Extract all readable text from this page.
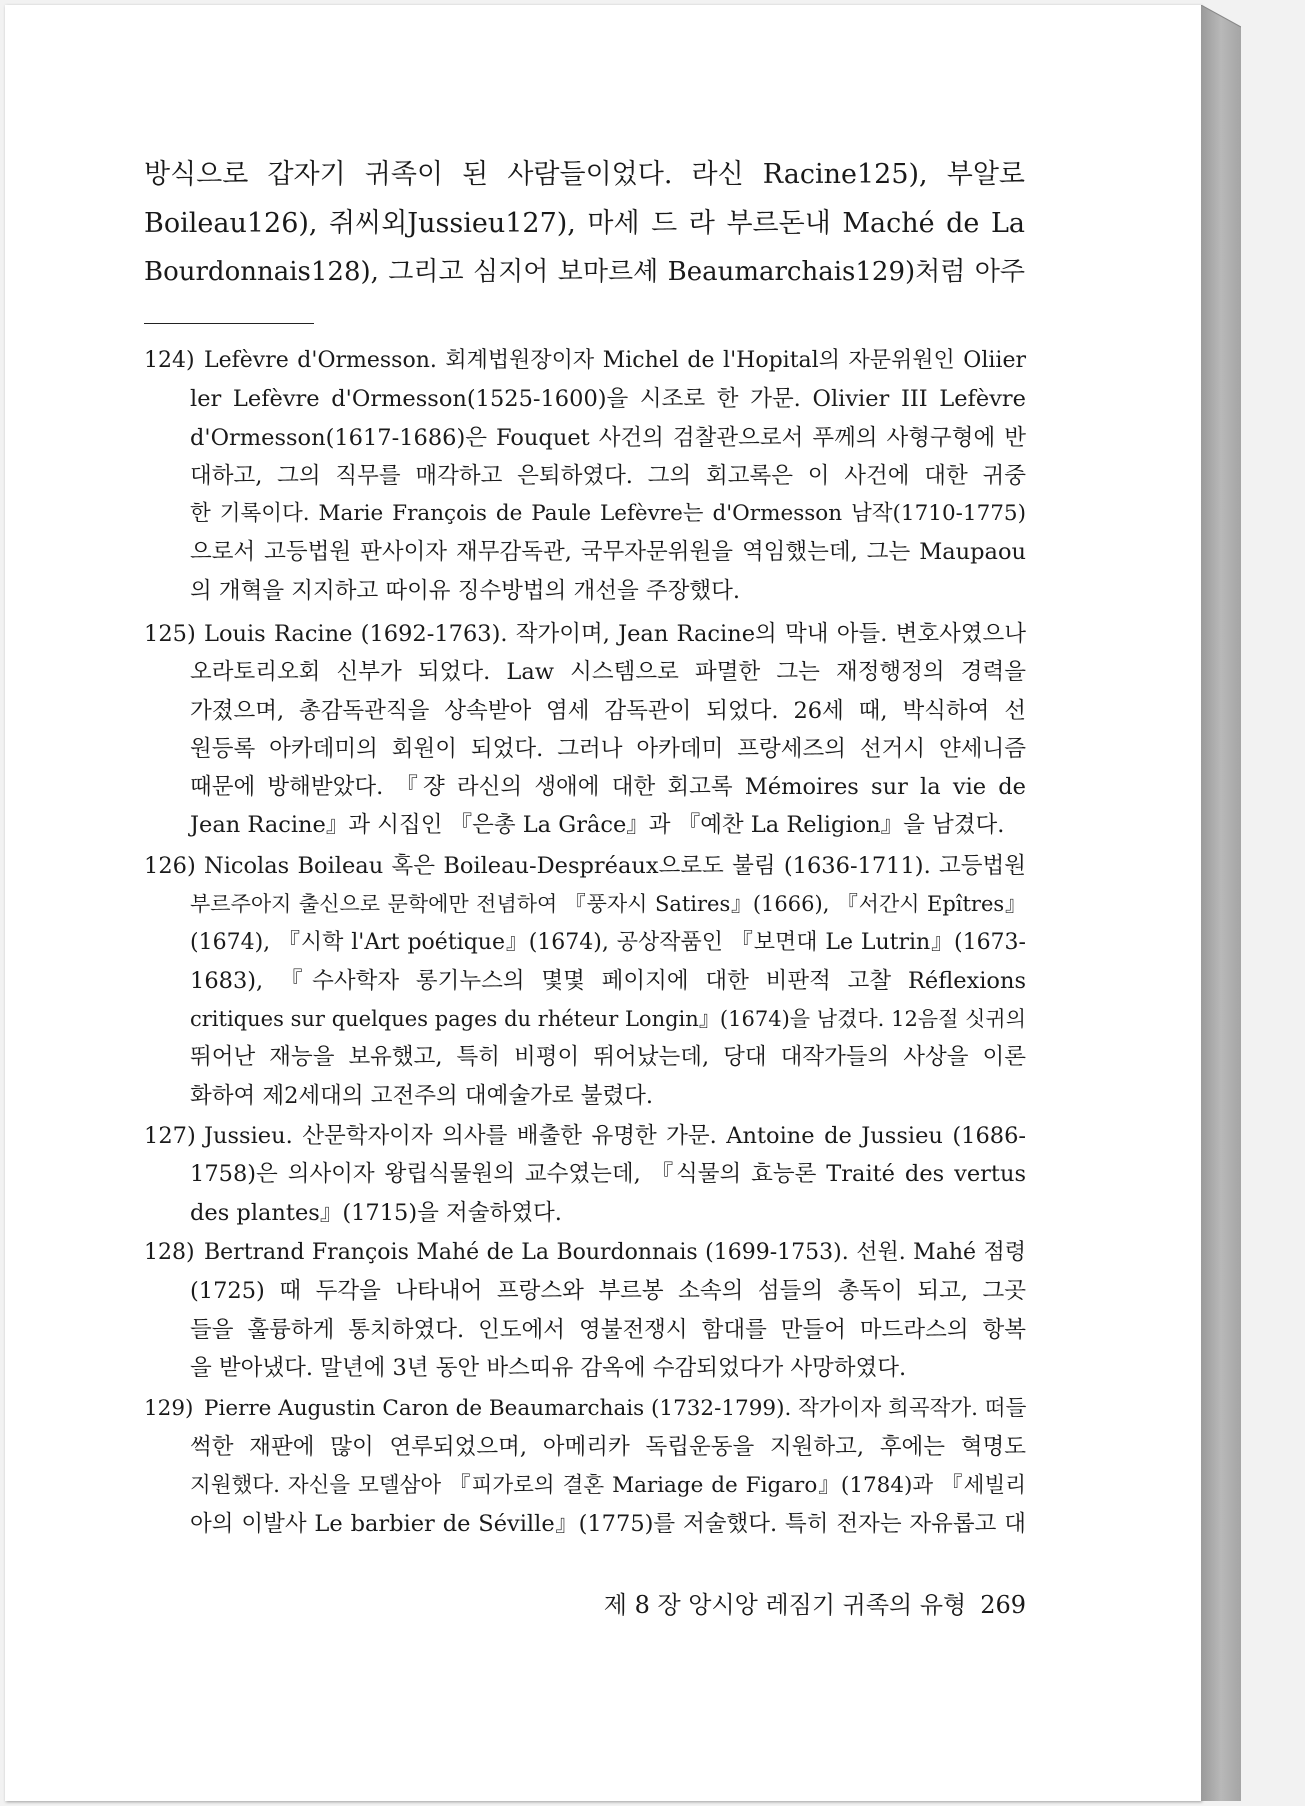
방식으로 갑자기 귀족이 된 사람들이었다. 라신 Racine125), 부알로
Boileau126), 쥐씨외Jussieu127), 마세 드 라 부르돈내 Maché de La
Bourdonnais128), 그리고 심지어 보마르셰 Beaumarchais129)처럼 아주
124) Lefèvre d'Ormesson. 회계법원장이자 Michel de l'Hopital의 자문위원인 Oliier
ler Lefèvre d'Ormesson(1525-1600)을 시조로 한 가문. Olivier III Lefèvre
d'Ormesson(1617-1686)은 Fouquet 사건의 검찰관으로서 푸께의 사형구형에 반
대하고, 그의 직무를 매각하고 은퇴하였다. 그의 회고록은 이 사건에 대한 귀중
한 기록이다. Marie François de Paule Lefèvre는 d'Ormesson 남작(1710-1775)
으로서 고등법원 판사이자 재무감독관, 국무자문위원을 역임했는데, 그는 Maupaou
의 개혁을 지지하고 따이유 징수방법의 개선을 주장했다.
125) Louis Racine (1692-1763). 작가이며, Jean Racine의 막내 아들. 변호사였으나
오라토리오회 신부가 되었다. Law 시스템으로 파멸한 그는 재정행정의 경력을
가졌으며, 총감독관직을 상속받아 염세 감독관이 되었다. 26세 때, 박식하여 선
원등록 아카데미의 회원이 되었다. 그러나 아카데미 프랑세즈의 선거시 얀세니즘
때문에 방해받았다. 『쟝 라신의 생애에 대한 회고록 Mémoires sur la vie de
Jean Racine』과 시집인 『은총 La Grâce』과 『예찬 La Religion』을 남겼다.
126) Nicolas Boileau 혹은 Boileau-Despréaux으로도 불림 (1636-1711). 고등법원
부르주아지 출신으로 문학에만 전념하여 『풍자시 Satires』(1666), 『서간시 Epîtres』
(1674), 『시학 l'Art poétique』(1674), 공상작품인 『보면대 Le Lutrin』(1673-
1683), 『수사학자 롱기누스의 몇몇 페이지에 대한 비판적 고찰 Réflexions
critiques sur quelques pages du rhéteur Longin』(1674)을 남겼다. 12음절 싯귀의
뛰어난 재능을 보유했고, 특히 비평이 뛰어났는데, 당대 대작가들의 사상을 이론
화하여 제2세대의 고전주의 대예술가로 불렸다.
127) Jussieu. 산문학자이자 의사를 배출한 유명한 가문. Antoine de Jussieu (1686-
1758)은 의사이자 왕립식물원의 교수였는데, 『식물의 효능론 Traité des vertus
des plantes』(1715)을 저술하였다.
128) Bertrand François Mahé de La Bourdonnais (1699-1753). 선원. Mahé 점령
(1725) 때 두각을 나타내어 프랑스와 부르봉 소속의 섬들의 총독이 되고, 그곳
들을 훌륭하게 통치하였다. 인도에서 영불전쟁시 함대를 만들어 마드라스의 항복
을 받아냈다. 말년에 3년 동안 바스띠유 감옥에 수감되었다가 사망하였다.
129) Pierre Augustin Caron de Beaumarchais (1732-1799). 작가이자 희곡작가. 떠들
썩한 재판에 많이 연루되었으며, 아메리카 독립운동을 지원하고, 후에는 혁명도
지원했다. 자신을 모델삼아 『피가로의 결혼 Mariage de Figaro』(1784)과 『세빌리
아의 이발사 Le barbier de Séville』(1775)를 저술했다. 특히 전자는 자유롭고 대
제 8 장 앙시앙 레짐기 귀족의 유형 269
